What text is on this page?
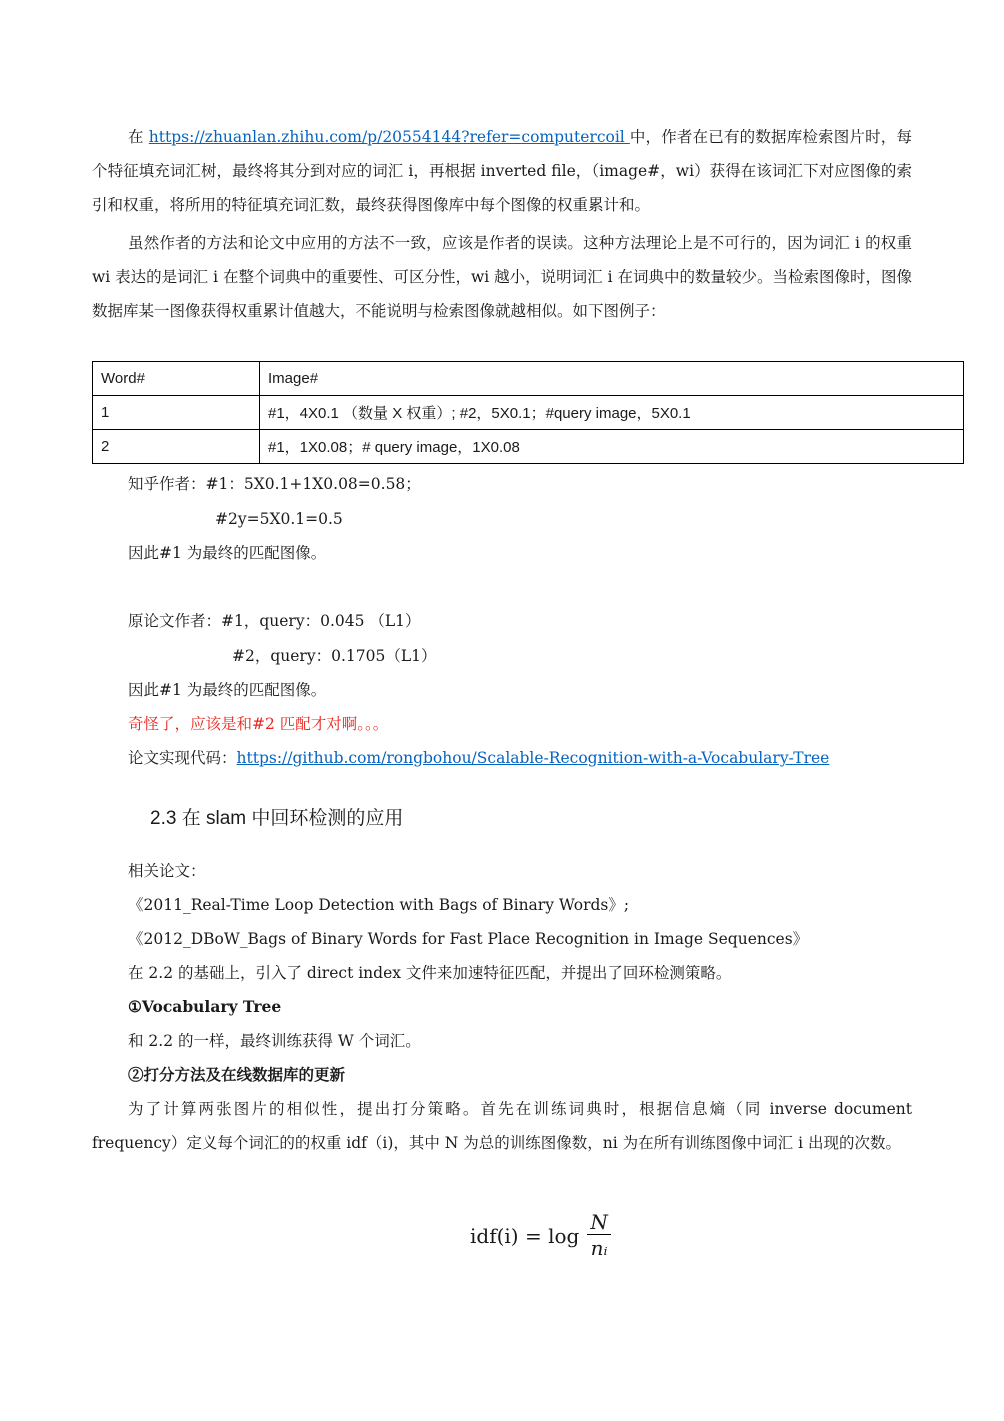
在 https://zhuanlan.zhihu.com/p/20554144?refer=computercoil 中，作者在已有的数据库检索图片时，每个特征填充词汇树，最终将其分到对应的词汇 i，再根据 inverted file，（image#，wi）获得在该词汇下对应图像的索引和权重，将所用的特征填充词汇数，最终获得图像库中每个图像的权重累计和。
虽然作者的方法和论文中应用的方法不一致，应该是作者的误读。这种方法理论上是不可行的，因为词汇 i 的权重 wi 表达的是词汇 i 在整个词典中的重要性、可区分性，wi 越小，说明词汇 i 在词典中的数量较少。当检索图像时，图像数据库某一图像获得权重累计值越大，不能说明与检索图像就越相似。如下图例子：
Word#	Image#
1	#1，4X0.1 （数量 X 权重）; #2，5X0.1；#query image，5X0.1
2	#1，1X0.08；# query image，1X0.08
知乎作者：#1：5X0.1+1X0.08=0.58；
#2y=5X0.1=0.5
因此#1 为最终的匹配图像。
原论文作者：#1，query：0.045 （L1）
#2，query：0.1705（L1）
因此#1 为最终的匹配图像。
奇怪了，应该是和#2 匹配才对啊。。。
论文实现代码：https://github.com/rongbohou/Scalable-Recognition-with-a-Vocabulary-Tree
2.3 在 slam 中回环检测的应用
相关论文：
《2011_Real-Time Loop Detection with Bags of Binary Words》;
《2012_DBoW_Bags of Binary Words for Fast Place Recognition in Image Sequences》
在 2.2 的基础上，引入了 direct index 文件来加速特征匹配，并提出了回环检测策略。
①Vocabulary Tree
和 2.2 的一样，最终训练获得 W 个词汇。
②打分方法及在线数据库的更新
为了计算两张图片的相似性，提出打分策略。首先在训练词典时，根据信息熵（同 inverse document frequency）定义每个词汇的的权重 idf（i)，其中 N 为总的训练图像数，ni 为在所有训练图像中词汇 i 出现的次数。
$idf(i) = \log \frac{N}{\text{nᵢ}}$
